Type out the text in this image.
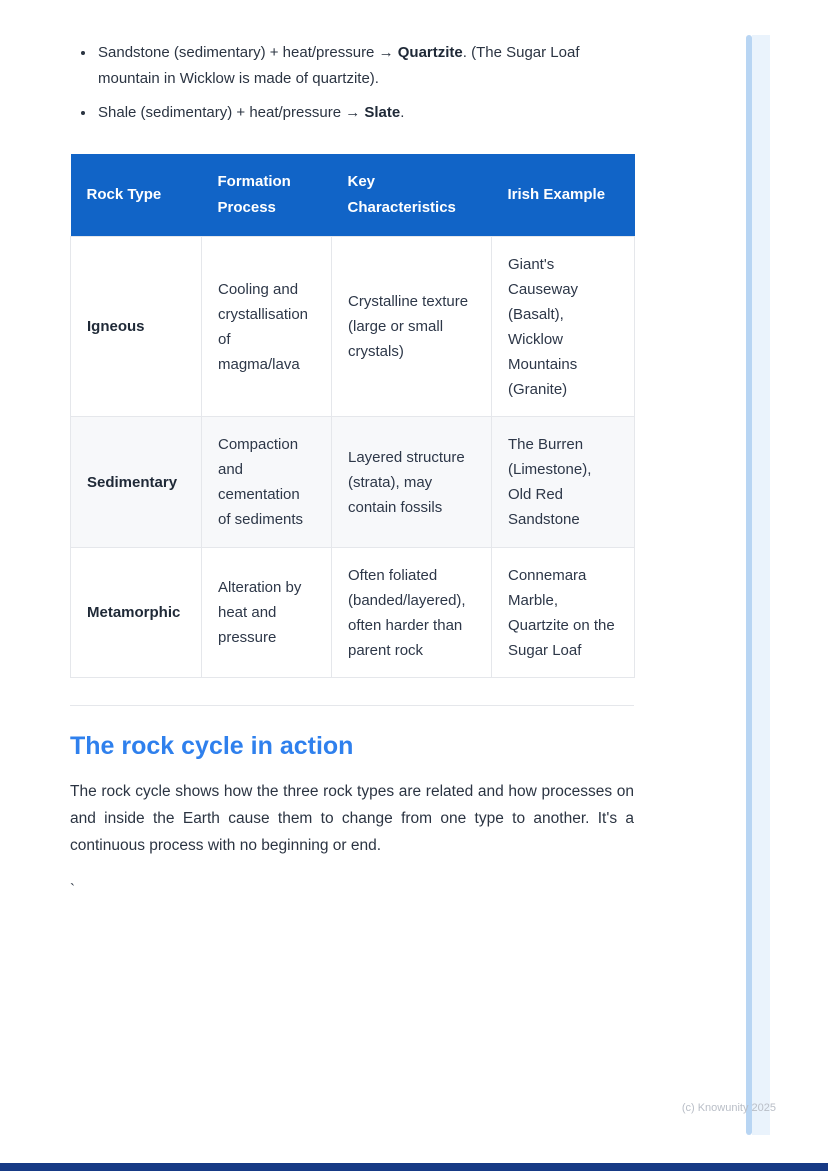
• Sandstone (sedimentary) + heat/pressure → Quartzite. (The Sugar Loaf mountain in Wicklow is made of quartzite).
• Shale (sedimentary) + heat/pressure → Slate.
Rock Type	Formation Process	Key Characteristics	Irish Example
Igneous	Cooling and crystallisation of magma/lava	Crystalline texture (large or small crystals)	Giant's Causeway (Basalt), Wicklow Mountains (Granite)
Sedimentary	Compaction and cementation of sediments	Layered structure (strata), may contain fossils	The Burren (Limestone), Old Red Sandstone
Metamorphic	Alteration by heat and pressure	Often foliated (banded/layered), often harder than parent rock	Connemara Marble, Quartzite on the Sugar Loaf
The rock cycle in action

The rock cycle shows how the three rock types are related and how processes on and inside the Earth cause them to change from one type to another. It's a continuous process with no beginning or end.

`
(c) Knowunity 2025
